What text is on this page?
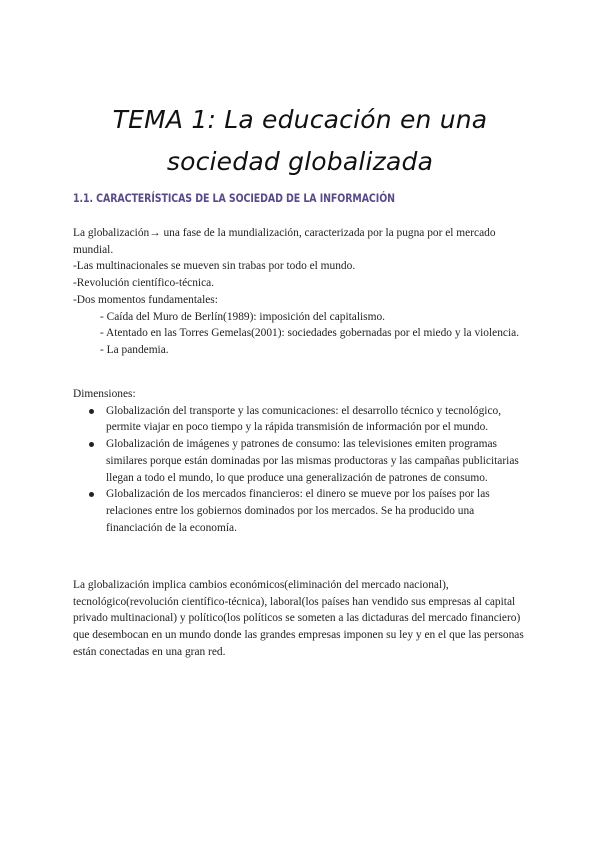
TEMA 1: La educación en una sociedad globalizada
1.1. CARACTERÍSTICAS DE LA SOCIEDAD DE LA INFORMACIÓN

La globalización→ una fase de la mundialización, caracterizada por la pugna por el mercado mundial.

-Las multinacionales se mueven sin trabas por todo el mundo.

-Revolución científico-técnica.

-Dos momentos fundamentales:

- Caída del Muro de Berlín(1989): imposición del capitalismo.

- Atentado en las Torres Gemelas(2001): sociedades gobernadas por el miedo y la violencia.

- La pandemia.

Dimensiones:

Globalización del transporte y las comunicaciones: el desarrollo técnico y tecnológico, permite viajar en poco tiempo y la rápida transmisión de información por el mundo.
Globalización de imágenes y patrones de consumo: las televisiones emiten programas similares porque están dominadas por las mismas productoras y las campañas publicitarias llegan a todo el mundo, lo que produce una generalización de patrones de consumo.
Globalización de los mercados financieros: el dinero se mueve por los países por las relaciones entre los gobiernos dominados por los mercados. Se ha producido una financiación de la economía.

La globalización implica cambios económicos(eliminación del mercado nacional), tecnológico(revolución científico-técnica), laboral(los países han vendido sus empresas al capital privado multinacional) y político(los políticos se someten a las dictaduras del mercado financiero) que desembocan en un mundo donde las grandes empresas imponen su ley y en el que las personas están conectadas en una gran red.
